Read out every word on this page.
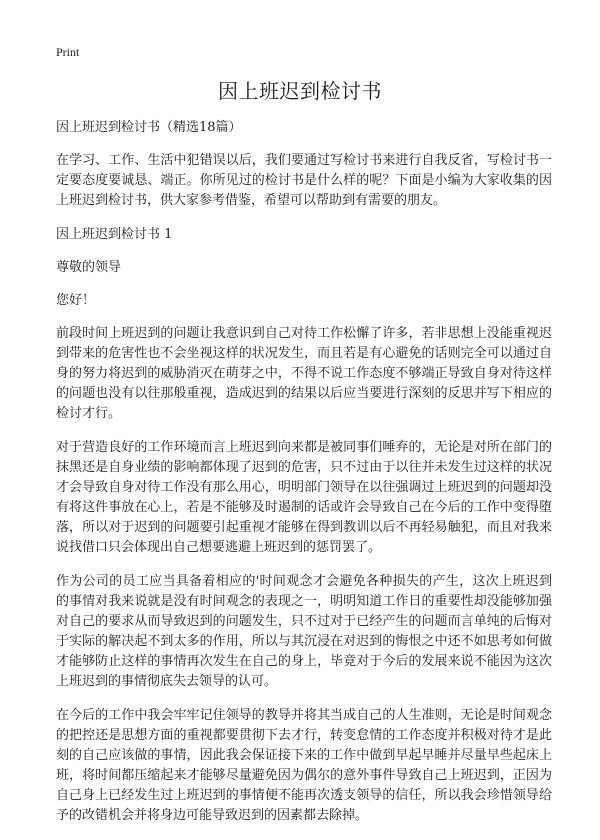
Print
因上班迟到检讨书

因上班迟到检讨书（精选18篇）

在学习、工作、生活中犯错误以后，我们要通过写检讨书来进行自我反省，写检讨书一定要态度要诚恳、端正。你所见过的检讨书是什么样的呢？下面是小编为大家收集的因上班迟到检讨书，供大家参考借鉴，希望可以帮助到有需要的朋友。

因上班迟到检讨书 1

尊敬的领导

您好！

前段时间上班迟到的问题让我意识到自己对待工作松懈了许多，若非思想上没能重视迟到带来的危害性也不会坐视这样的状况发生，而且若是有心避免的话则完全可以通过自身的努力将迟到的威胁消灭在萌芽之中，不得不说工作态度不够端正导致自身对待这样的问题也没有以往那般重视，造成迟到的结果以后应当要进行深刻的反思并写下相应的检讨才行。

对于营造良好的工作环境而言上班迟到向来都是被同事们唾弃的，无论是对所在部门的抹黑还是自身业绩的影响都体现了迟到的危害，只不过由于以往并未发生过这样的状况才会导致自身对待工作没有那么用心，明明部门领导在以往强调过上班迟到的问题却没有将这件事放在心上，若是不能够及时遏制的话或许会导致自己在今后的工作中变得堕落，所以对于迟到的问题要引起重视才能够在得到教训以后不再轻易触犯，而且对我来说找借口只会体现出自己想要逃避上班迟到的惩罚罢了。

作为公司的员工应当具备着相应的'时间观念才会避免各种损失的产生，这次上班迟到的事情对我来说就是没有时间观念的表现之一，明明知道工作日的重要性却没能够加强对自己的要求从而导致迟到的问题发生，只不过对于已经产生的问题而言单纯的后悔对于实际的解决起不到太多的作用，所以与其沉浸在对迟到的悔恨之中还不如思考如何做才能够防止这样的事情再次发生在自己的身上，毕竟对于今后的发展来说不能因为这次上班迟到的事情彻底失去领导的认可。

在今后的工作中我会牢牢记住领导的教导并将其当成自己的人生准则，无论是时间观念的把控还是思想方面的重视都要贯彻下去才行，转变怠情的工作态度并积极对待才是此刻的自己应该做的事情，因此我会保证接下来的工作中做到早起早睡并尽量早些起床上班，将时间都压缩起来才能够尽量避免因为偶尔的意外事件导致自己上班迟到，正因为自己身上已经发生过上班迟到的事情便不能再次透支领导的信任，所以我会珍惜领导给予的改错机会并将身边可能导致迟到的因素都去除掉。
